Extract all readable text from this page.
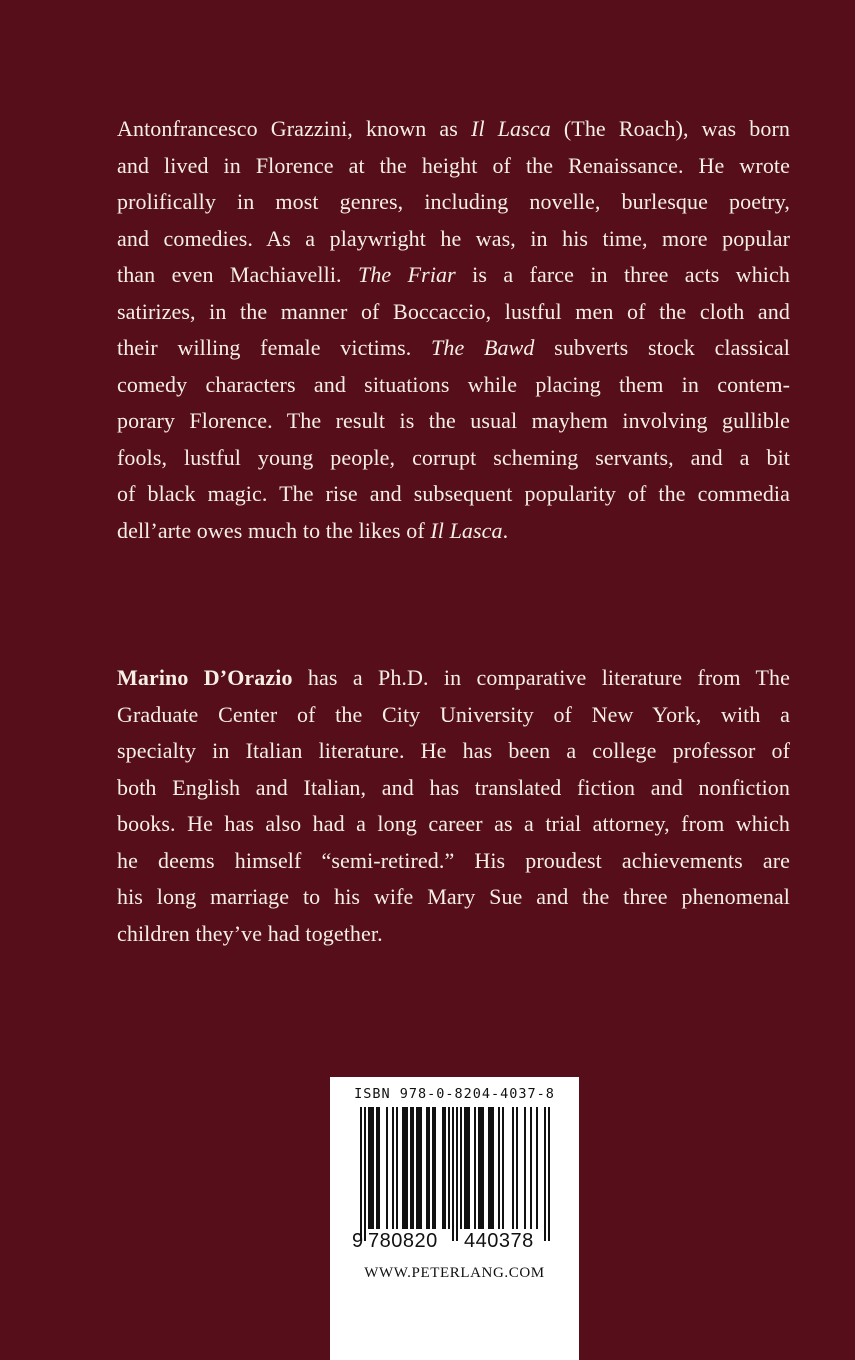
Antonfrancesco Grazzini, known as Il Lasca (The Roach), was born
and lived in Florence at the height of the Renaissance. He wrote
prolifically in most genres, including novelle, burlesque poetry,
and comedies. As a playwright he was, in his time, more popular
than even Machiavelli. The Friar is a farce in three acts which
satirizes, in the manner of Boccaccio, lustful men of the cloth and
their willing female victims. The Bawd subverts stock classical
comedy characters and situations while placing them in contem-
porary Florence. The result is the usual mayhem involving gullible
fools, lustful young people, corrupt scheming servants, and a bit
of black magic. The rise and subsequent popularity of the commedia
dell’arte owes much to the likes of Il Lasca.
Marino D’Orazio has a Ph.D. in comparative literature from The
Graduate Center of the City University of New York, with a
specialty in Italian literature. He has been a college professor of
both English and Italian, and has translated fiction and nonfiction
books. He has also had a long career as a trial attorney, from which
he deems himself “semi-retired.” His proudest achievements are
his long marriage to his wife Mary Sue and the three phenomenal
children they’ve had together.
ISBN 978-0-8204-4037-8
9 780820 440378
WWW.PETERLANG.COM
